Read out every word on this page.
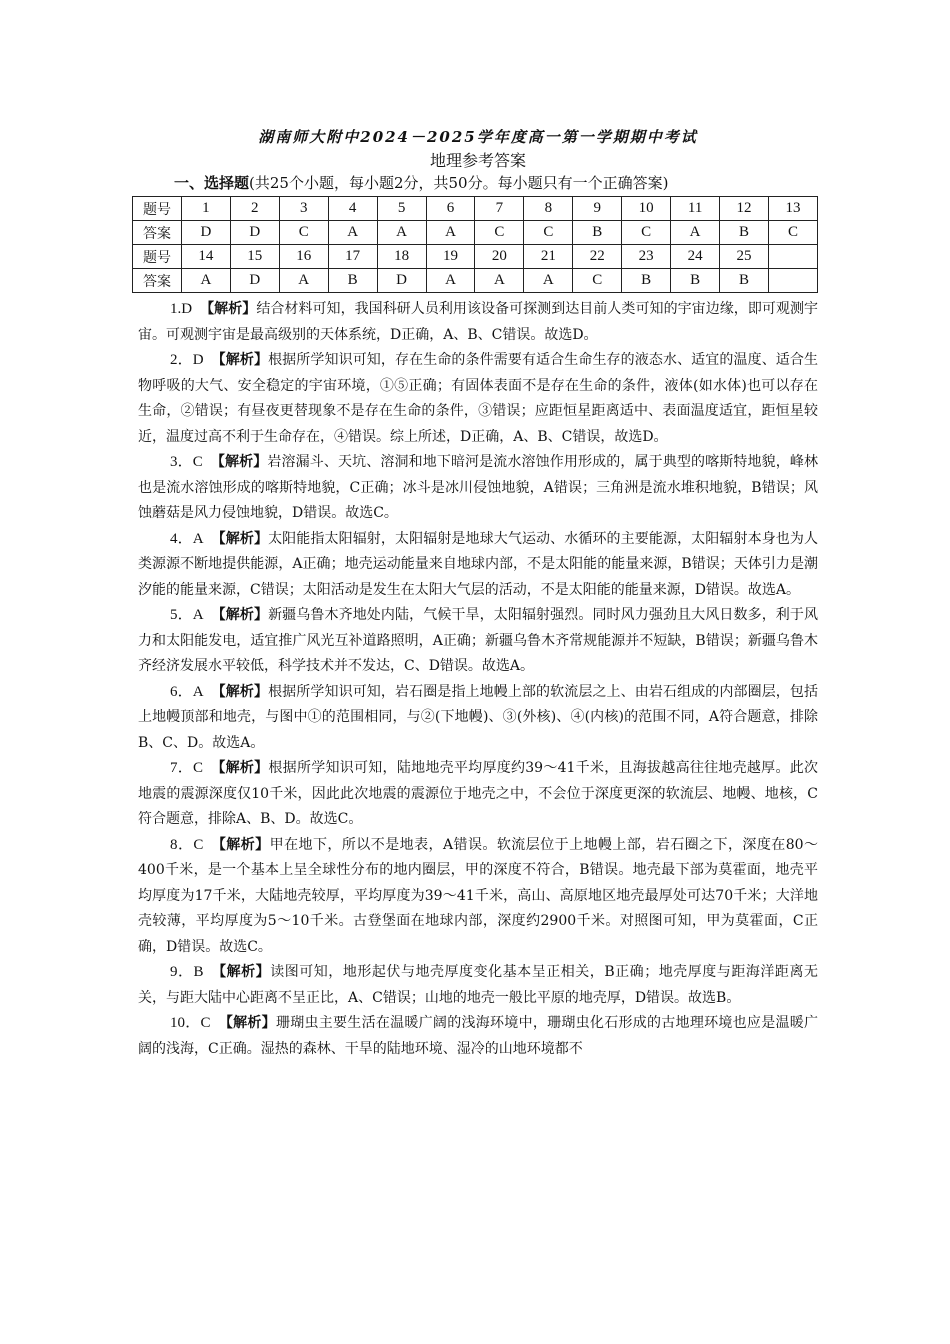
湖南师大附中2024－2025学年度高一第一学期期中考试
地理参考答案
一、选择题(共25个小题，每小题2分，共50分。每小题只有一个正确答案)
题号	1	2	3	4	5	6	7	8	9	10	11	12	13
答案	D	D	C	A	A	A	C	C	B	C	A	B	C
题号	14	15	16	17	18	19	20	21	22	23	24	25	
答案	A	D	A	B	D	A	A	A	C	B	B	B	

1.D 【解析】结合材料可知，我国科研人员利用该设备可探测到达目前人类可知的宇宙边缘，即可观测宇宙。可观测宇宙是最高级别的天体系统，D正确，A、B、C错误。故选D。

2．D 【解析】根据所学知识可知，存在生命的条件需要有适合生命生存的液态水、适宜的温度、适合生物呼吸的大气、安全稳定的宇宙环境，①⑤正确；有固体表面不是存在生命的条件，液体(如水体)也可以存在生命，②错误；有昼夜更替现象不是存在生命的条件，③错误；应距恒星距离适中、表面温度适宜，距恒星较近，温度过高不利于生命存在，④错误。综上所述，D正确，A、B、C错误，故选D。

3．C 【解析】岩溶漏斗、天坑、溶洞和地下暗河是流水溶蚀作用形成的，属于典型的喀斯特地貌，峰林也是流水溶蚀形成的喀斯特地貌，C正确；冰斗是冰川侵蚀地貌，A错误；三角洲是流水堆积地貌，B错误；风蚀蘑菇是风力侵蚀地貌，D错误。故选C。

4．A 【解析】太阳能指太阳辐射，太阳辐射是地球大气运动、水循环的主要能源，太阳辐射本身也为人类源源不断地提供能源，A正确；地壳运动能量来自地球内部，不是太阳能的能量来源，B错误；天体引力是潮汐能的能量来源，C错误；太阳活动是发生在太阳大气层的活动，不是太阳能的能量来源，D错误。故选A。

5．A 【解析】新疆乌鲁木齐地处内陆，气候干旱，太阳辐射强烈。同时风力强劲且大风日数多，利于风力和太阳能发电，适宜推广风光互补道路照明，A正确；新疆乌鲁木齐常规能源并不短缺，B错误；新疆乌鲁木齐经济发展水平较低，科学技术并不发达，C、D错误。故选A。

6．A 【解析】根据所学知识可知，岩石圈是指上地幔上部的软流层之上、由岩石组成的内部圈层，包括上地幔顶部和地壳，与图中①的范围相同，与②(下地幔)、③(外核)、④(内核)的范围不同，A符合题意，排除B、C、D。故选A。

7．C 【解析】根据所学知识可知，陆地地壳平均厚度约39～41千米，且海拔越高往往地壳越厚。此次地震的震源深度仅10千米，因此此次地震的震源位于地壳之中，不会位于深度更深的软流层、地幔、地核，C符合题意，排除A、B、D。故选C。

8．C 【解析】甲在地下，所以不是地表，A错误。软流层位于上地幔上部，岩石圈之下，深度在80～400千米，是一个基本上呈全球性分布的地内圈层，甲的深度不符合，B错误。地壳最下部为莫霍面，地壳平均厚度为17千米，大陆地壳较厚，平均厚度为39～41千米，高山、高原地区地壳最厚处可达70千米；大洋地壳较薄，平均厚度为5～10千米。古登堡面在地球内部，深度约2900千米。对照图可知，甲为莫霍面，C正确，D错误。故选C。

9．B 【解析】读图可知，地形起伏与地壳厚度变化基本呈正相关，B正确；地壳厚度与距海洋距离无关，与距大陆中心距离不呈正比，A、C错误；山地的地壳一般比平原的地壳厚，D错误。故选B。

10．C 【解析】珊瑚虫主要生活在温暖广阔的浅海环境中，珊瑚虫化石形成的古地理环境也应是温暖广阔的浅海，C正确。湿热的森林、干旱的陆地环境、湿冷的山地环境都不
